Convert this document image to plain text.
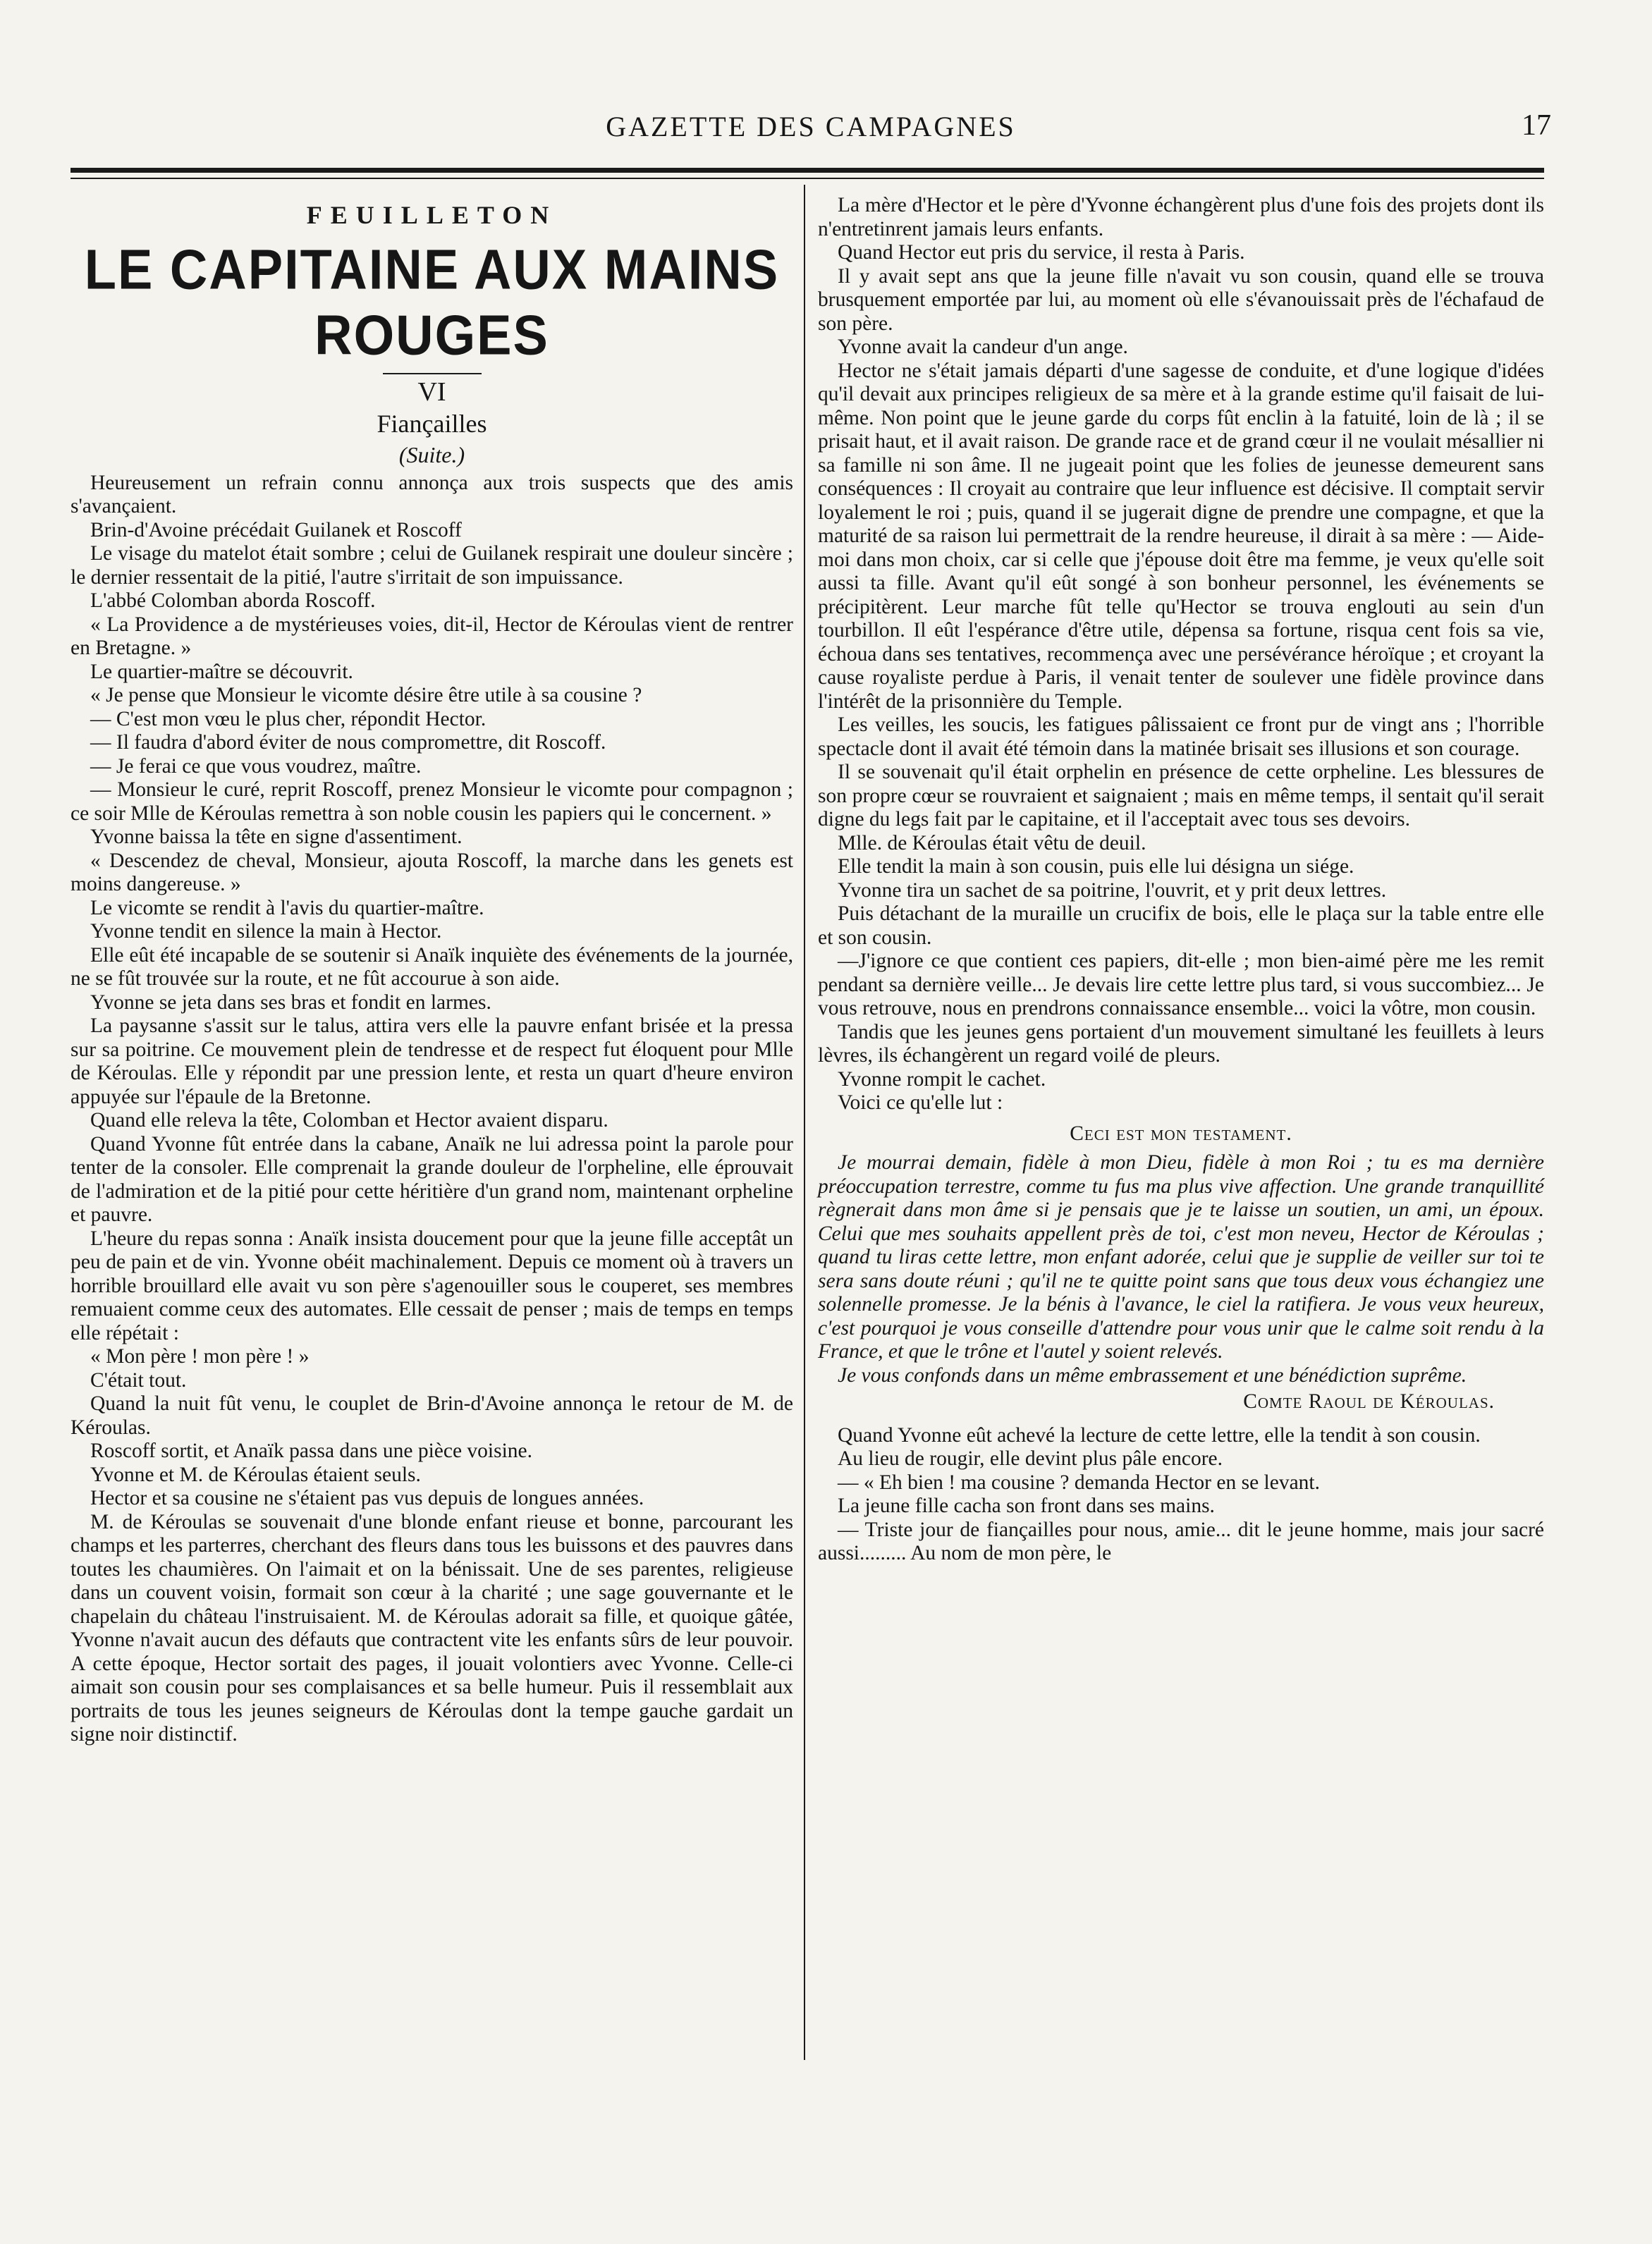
GAZETTE DES CAMPAGNES	17
FEUILLETON
LE CAPITAINE AUX MAINS ROUGES
VI
Fiançailles
(Suite.)

Heureusement un refrain connu annonça aux trois suspects que des amis s'avançaient.

Brin-d'Avoine précédait Guilanek et Roscoff

Le visage du matelot était sombre ; celui de Guilanek respirait une douleur sincère ; le dernier ressentait de la pitié, l'autre s'irritait de son impuissance.

L'abbé Colomban aborda Roscoff.

« La Providence a de mystérieuses voies, dit-il, Hector de Kéroulas vient de rentrer en Bretagne. »

Le quartier-maître se découvrit.

« Je pense que Monsieur le vicomte désire être utile à sa cousine ?

— C'est mon vœu le plus cher, répondit Hector.

— Il faudra d'abord éviter de nous compromettre, dit Roscoff.

— Je ferai ce que vous voudrez, maître.

— Monsieur le curé, reprit Roscoff, prenez Monsieur le vicomte pour compagnon ; ce soir Mlle de Kéroulas remettra à son noble cousin les papiers qui le concernent. »

Yvonne baissa la tête en signe d'assentiment.

« Descendez de cheval, Monsieur, ajouta Roscoff, la marche dans les genets est moins dangereuse. »

Le vicomte se rendit à l'avis du quartier-maître.

Yvonne tendit en silence la main à Hector.

Elle eût été incapable de se soutenir si Anaïk inquiète des événements de la journée, ne se fût trouvée sur la route, et ne fût accourue à son aide.

Yvonne se jeta dans ses bras et fondit en larmes.

La paysanne s'assit sur le talus, attira vers elle la pauvre enfant brisée et la pressa sur sa poitrine. Ce mouvement plein de tendresse et de respect fut éloquent pour Mlle de Kéroulas. Elle y répondit par une pression lente, et resta un quart d'heure environ appuyée sur l'épaule de la Bretonne.

Quand elle releva la tête, Colomban et Hector avaient disparu.

Quand Yvonne fût entrée dans la cabane, Anaïk ne lui adressa point la parole pour tenter de la consoler. Elle comprenait la grande douleur de l'orpheline, elle éprouvait de l'admiration et de la pitié pour cette héritière d'un grand nom, maintenant orpheline et pauvre.

L'heure du repas sonna : Anaïk insista doucement pour que la jeune fille acceptât un peu de pain et de vin. Yvonne obéit machinalement. Depuis ce moment où à travers un horrible brouillard elle avait vu son père s'agenouiller sous le couperet, ses membres remuaient comme ceux des automates. Elle cessait de penser ; mais de temps en temps elle répétait :

« Mon père ! mon père ! »

C'était tout.

Quand la nuit fût venu, le couplet de Brin-d'Avoine annonça le retour de M. de Kéroulas.

Roscoff sortit, et Anaïk passa dans une pièce voisine.

Yvonne et M. de Kéroulas étaient seuls.

Hector et sa cousine ne s'étaient pas vus depuis de longues années.

M. de Kéroulas se souvenait d'une blonde enfant rieuse et bonne, parcourant les champs et les parterres, cherchant des fleurs dans tous les buissons et des pauvres dans toutes les chaumières. On l'aimait et on la bénissait. Une de ses parentes, religieuse dans un couvent voisin, formait son cœur à la charité ; une sage gouvernante et le chapelain du château l'instruisaient. M. de Kéroulas adorait sa fille, et quoique gâtée, Yvonne n'avait aucun des défauts que contractent vite les enfants sûrs de leur pouvoir. A cette époque, Hector sortait des pages, il jouait volontiers avec Yvonne. Celle-ci aimait son cousin pour ses complaisances et sa belle humeur. Puis il ressemblait aux portraits de tous les jeunes seigneurs de Kéroulas dont la tempe gauche gardait un signe noir distinctif.

La mère d'Hector et le père d'Yvonne échangèrent plus d'une fois des projets dont ils n'entretinrent jamais leurs enfants.

Quand Hector eut pris du service, il resta à Paris.

Il y avait sept ans que la jeune fille n'avait vu son cousin, quand elle se trouva brusquement emportée par lui, au moment où elle s'évanouissait près de l'échafaud de son père.

Yvonne avait la candeur d'un ange.

Hector ne s'était jamais départi d'une sagesse de conduite, et d'une logique d'idées qu'il devait aux principes religieux de sa mère et à la grande estime qu'il faisait de lui-même. Non point que le jeune garde du corps fût enclin à la fatuité, loin de là ; il se prisait haut, et il avait raison. De grande race et de grand cœur il ne voulait mésallier ni sa famille ni son âme. Il ne jugeait point que les folies de jeunesse demeurent sans conséquences : Il croyait au contraire que leur influence est décisive. Il comptait servir loyalement le roi ; puis, quand il se jugerait digne de prendre une compagne, et que la maturité de sa raison lui permettrait de la rendre heureuse, il dirait à sa mère : — Aide-moi dans mon choix, car si celle que j'épouse doit être ma femme, je veux qu'elle soit aussi ta fille. Avant qu'il eût songé à son bonheur personnel, les événements se précipitèrent. Leur marche fût telle qu'Hector se trouva englouti au sein d'un tourbillon. Il eût l'espérance d'être utile, dépensa sa fortune, risqua cent fois sa vie, échoua dans ses tentatives, recommença avec une persévérance héroïque ; et croyant la cause royaliste perdue à Paris, il venait tenter de soulever une fidèle province dans l'intérêt de la prisonnière du Temple.

Les veilles, les soucis, les fatigues pâlissaient ce front pur de vingt ans ; l'horrible spectacle dont il avait été témoin dans la matinée brisait ses illusions et son courage.

Il se souvenait qu'il était orphelin en présence de cette orpheline. Les blessures de son propre cœur se rouvraient et saignaient ; mais en même temps, il sentait qu'il serait digne du legs fait par le capitaine, et il l'acceptait avec tous ses devoirs.

Mlle. de Kéroulas était vêtu de deuil.

Elle tendit la main à son cousin, puis elle lui désigna un siége.

Yvonne tira un sachet de sa poitrine, l'ouvrit, et y prit deux lettres.

Puis détachant de la muraille un crucifix de bois, elle le plaça sur la table entre elle et son cousin.

—J'ignore ce que contient ces papiers, dit-elle ; mon bien-aimé père me les remit pendant sa dernière veille... Je devais lire cette lettre plus tard, si vous succombiez... Je vous retrouve, nous en prendrons connaissance ensemble... voici la vôtre, mon cousin.

Tandis que les jeunes gens portaient d'un mouvement simultané les feuillets à leurs lèvres, ils échangèrent un regard voilé de pleurs.

Yvonne rompit le cachet.

Voici ce qu'elle lut :

Ceci est mon testament.

Je mourrai demain, fidèle à mon Dieu, fidèle à mon Roi ; tu es ma dernière préoccupation terrestre, comme tu fus ma plus vive affection. Une grande tranquillité règnerait dans mon âme si je pensais que je te laisse un soutien, un ami, un époux. Celui que mes souhaits appellent près de toi, c'est mon neveu, Hector de Kéroulas ; quand tu liras cette lettre, mon enfant adorée, celui que je supplie de veiller sur toi te sera sans doute réuni ; qu'il ne te quitte point sans que tous deux vous échangiez une solennelle promesse. Je la bénis à l'avance, le ciel la ratifiera. Je vous veux heureux, c'est pourquoi je vous conseille d'attendre pour vous unir que le calme soit rendu à la France, et que le trône et l'autel y soient relevés.

Je vous confonds dans un même embrassement et une bénédiction suprême.

Comte Raoul de Kéroulas.

Quand Yvonne eût achevé la lecture de cette lettre, elle la tendit à son cousin.

Au lieu de rougir, elle devint plus pâle encore.

— « Eh bien ! ma cousine ? demanda Hector en se levant.

La jeune fille cacha son front dans ses mains.

— Triste jour de fiançailles pour nous, amie... dit le jeune homme, mais jour sacré aussi......... Au nom de mon père, le
